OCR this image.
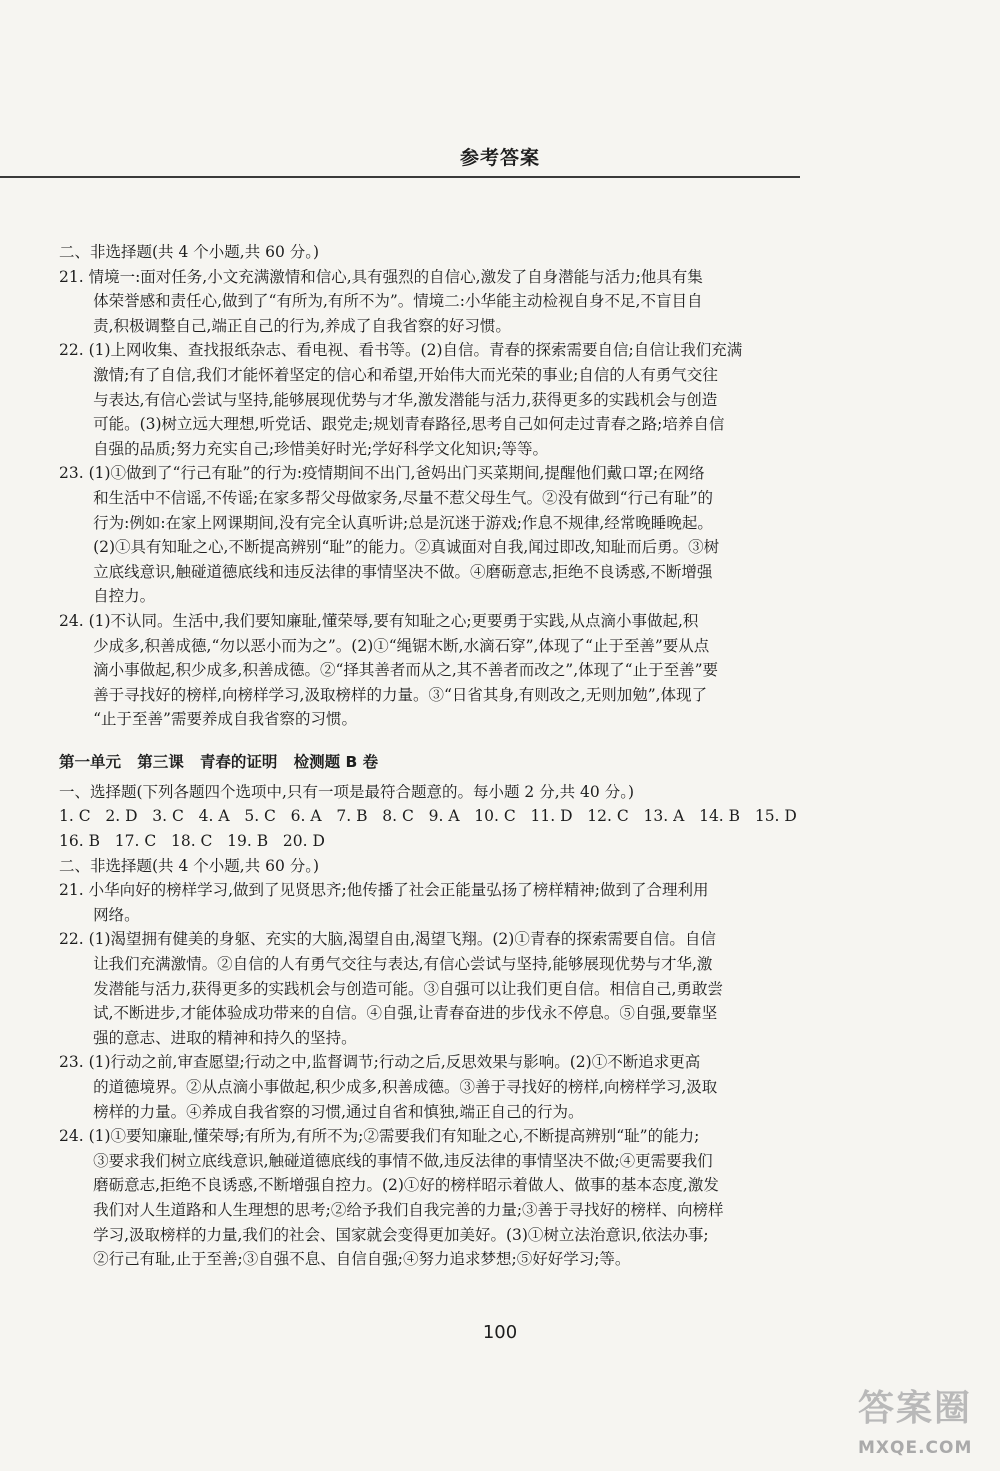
参考答案
二、非选择题(共 4 个小题,共 60 分。)
21. 情境一:面对任务,小文充满激情和信心,具有强烈的自信心,激发了自身潜能与活力;他具有集
体荣誉感和责任心,做到了“有所为,有所不为”。情境二:小华能主动检视自身不足,不盲目自
责,积极调整自己,端正自己的行为,养成了自我省察的好习惯。
22. (1)上网收集、查找报纸杂志、看电视、看书等。(2)自信。青春的探索需要自信;自信让我们充满
激情;有了自信,我们才能怀着坚定的信心和希望,开始伟大而光荣的事业;自信的人有勇气交往
与表达,有信心尝试与坚持,能够展现优势与才华,激发潜能与活力,获得更多的实践机会与创造
可能。(3)树立远大理想,听党话、跟党走;规划青春路径,思考自己如何走过青春之路;培养自信
自强的品质;努力充实自己;珍惜美好时光;学好科学文化知识;等等。
23. (1)①做到了“行己有耻”的行为:疫情期间不出门,爸妈出门买菜期间,提醒他们戴口罩;在网络
和生活中不信谣,不传谣;在家多帮父母做家务,尽量不惹父母生气。②没有做到“行己有耻”的
行为:例如:在家上网课期间,没有完全认真听讲;总是沉迷于游戏;作息不规律,经常晚睡晚起。
(2)①具有知耻之心,不断提高辨别“耻”的能力。②真诚面对自我,闻过即改,知耻而后勇。③树
立底线意识,触碰道德底线和违反法律的事情坚决不做。④磨砺意志,拒绝不良诱惑,不断增强
自控力。
24. (1)不认同。生活中,我们要知廉耻,懂荣辱,要有知耻之心;更要勇于实践,从点滴小事做起,积
少成多,积善成德,“勿以恶小而为之”。(2)①“绳锯木断,水滴石穿”,体现了“止于至善”要从点
滴小事做起,积少成多,积善成德。②“择其善者而从之,其不善者而改之”,体现了“止于至善”要
善于寻找好的榜样,向榜样学习,汲取榜样的力量。③“日省其身,有则改之,无则加勉”,体现了
“止于至善”需要养成自我省察的习惯。
第一单元   第三课   青春的证明   检测题 B 卷
一、选择题(下列各题四个选项中,只有一项是最符合题意的。每小题 2 分,共 40 分。)
1. C   2. D   3. C   4. A   5. C   6. A   7. B   8. C   9. A   10. C   11. D   12. C   13. A   14. B   15. D
16. B   17. C   18. C   19. B   20. D
二、非选择题(共 4 个小题,共 60 分。)
21. 小华向好的榜样学习,做到了见贤思齐;他传播了社会正能量弘扬了榜样精神;做到了合理利用
网络。
22. (1)渴望拥有健美的身躯、充实的大脑,渴望自由,渴望飞翔。(2)①青春的探索需要自信。自信
让我们充满激情。②自信的人有勇气交往与表达,有信心尝试与坚持,能够展现优势与才华,激
发潜能与活力,获得更多的实践机会与创造可能。③自强可以让我们更自信。相信自己,勇敢尝
试,不断进步,才能体验成功带来的自信。④自强,让青春奋进的步伐永不停息。⑤自强,要靠坚
强的意志、进取的精神和持久的坚持。
23. (1)行动之前,审查愿望;行动之中,监督调节;行动之后,反思效果与影响。(2)①不断追求更高
的道德境界。②从点滴小事做起,积少成多,积善成德。③善于寻找好的榜样,向榜样学习,汲取
榜样的力量。④养成自我省察的习惯,通过自省和慎独,端正自己的行为。
24. (1)①要知廉耻,懂荣辱;有所为,有所不为;②需要我们有知耻之心,不断提高辨别“耻”的能力;
③要求我们树立底线意识,触碰道德底线的事情不做,违反法律的事情坚决不做;④更需要我们
磨砺意志,拒绝不良诱惑,不断增强自控力。(2)①好的榜样昭示着做人、做事的基本态度,激发
我们对人生道路和人生理想的思考;②给予我们自我完善的力量;③善于寻找好的榜样、向榜样
学习,汲取榜样的力量,我们的社会、国家就会变得更加美好。(3)①树立法治意识,依法办事;
②行己有耻,止于至善;③自强不息、自信自强;④努力追求梦想;⑤好好学习;等。
100
答案圈
MXQE.COM
